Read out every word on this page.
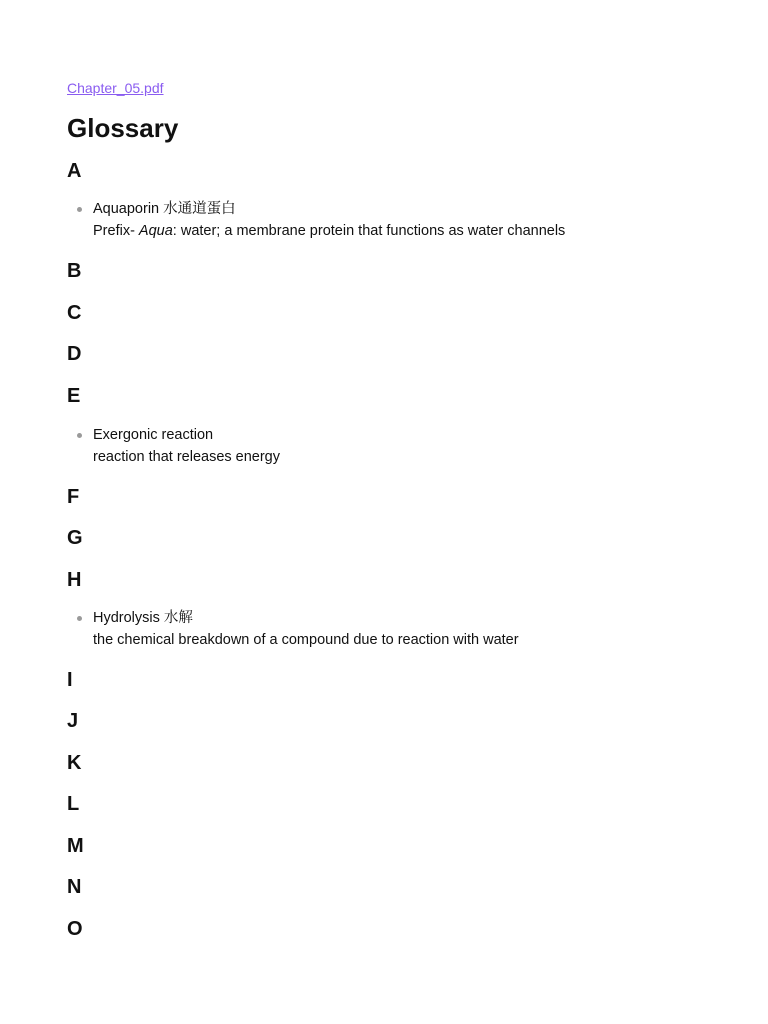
Chapter_05.pdf
Glossary
A
Aquaporin 水通道蛋白
Prefix- Aqua: water; a membrane protein that functions as water channels
B
C
D
E
Exergonic reaction
reaction that releases energy
F
G
H
Hydrolysis 水解
the chemical breakdown of a compound due to reaction with water
I
J
K
L
M
N
O
